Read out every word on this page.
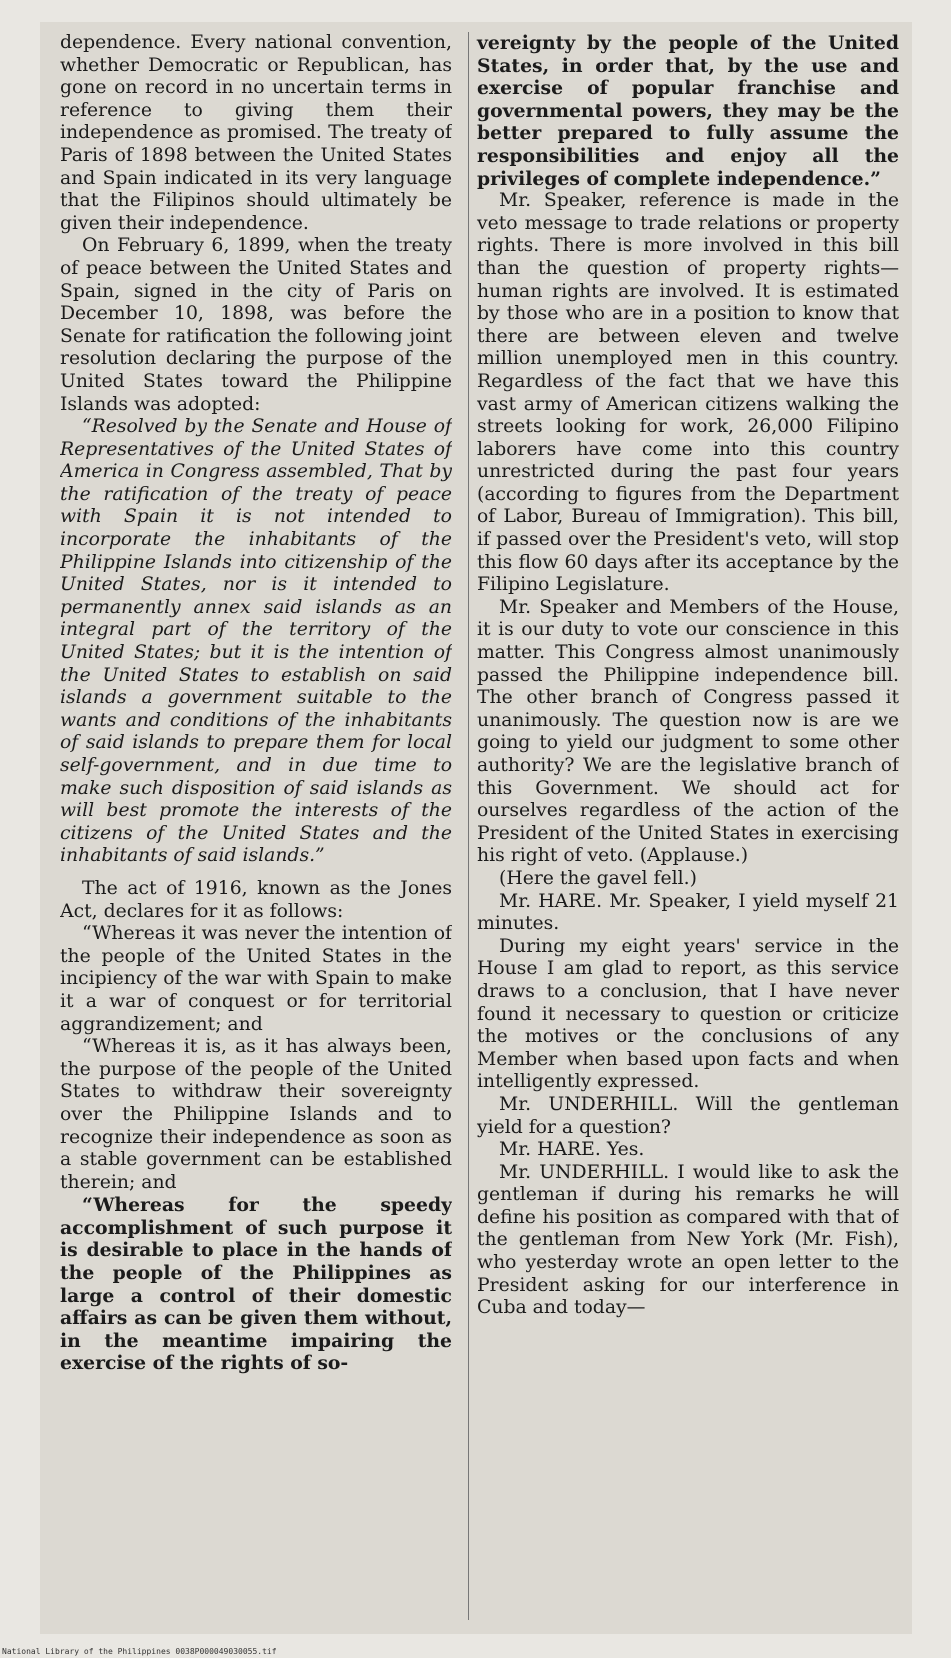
dependence. Every national convention, whether Democratic or Republican, has gone on record in no uncertain terms in reference to giving them their independence as promised. The treaty of Paris of 1898 between the United States and Spain indicated in its very language that the Filipinos should ultimately be given their independence.

On February 6, 1899, when the treaty of peace between the United States and Spain, signed in the city of Paris on December 10, 1898, was before the Senate for ratification the following joint resolution declaring the purpose of the United States toward the Philippine Islands was adopted:

“Resolved by the Senate and House of Representatives of the United States of America in Congress assembled, That by the ratification of the treaty of peace with Spain it is not intended to incorporate the inhabitants of the Philippine Islands into citizenship of the United States, nor is it intended to permanently annex said islands as an integral part of the territory of the United States; but it is the intention of the United States to establish on said islands a government suitable to the wants and conditions of the inhabitants of said islands to prepare them for local self-government, and in due time to make such disposition of said islands as will best promote the interests of the citizens of the United States and the inhabitants of said islands.”

The act of 1916, known as the Jones Act, declares for it as follows:

“Whereas it was never the intention of the people of the United States in the incipiency of the war with Spain to make it a war of conquest or for territorial aggrandizement; and

“Whereas it is, as it has always been, the purpose of the people of the United States to withdraw their sovereignty over the Philippine Islands and to recognize their independence as soon as a stable government can be established therein; and

“Whereas for the speedy accomplishment of such purpose it is desirable to place in the hands of the people of the Philippines as large a control of their domestic affairs as can be given them without, in the meantime impairing the exercise of the rights of so-

vereignty by the people of the United States, in order that, by the use and exercise of popular franchise and governmental powers, they may be the better prepared to fully assume the responsibilities and enjoy all the privileges of complete independence.”

Mr. Speaker, reference is made in the veto message to trade relations or property rights. There is more involved in this bill than the question of property rights—human rights are involved. It is estimated by those who are in a position to know that there are between eleven and twelve million unemployed men in this country. Regardless of the fact that we have this vast army of American citizens walking the streets looking for work, 26,000 Filipino laborers have come into this country unrestricted during the past four years (according to figures from the Department of Labor, Bureau of Immigration). This bill, if passed over the President's veto, will stop this flow 60 days after its acceptance by the Filipino Legislature.

Mr. Speaker and Members of the House, it is our duty to vote our conscience in this matter. This Congress almost unanimously passed the Philippine independence bill. The other branch of Congress passed it unanimously. The question now is are we going to yield our judgment to some other authority? We are the legislative branch of this Government. We should act for ourselves regardless of the action of the President of the United States in exercising his right of veto. (Applause.)

(Here the gavel fell.)

Mr. HARE. Mr. Speaker, I yield myself 21 minutes.

During my eight years' service in the House I am glad to report, as this service draws to a conclusion, that I have never found it necessary to question or criticize the motives or the conclusions of any Member when based upon facts and when intelligently expressed.

Mr. UNDERHILL. Will the gentleman yield for a question?

Mr. HARE. Yes.

Mr. UNDERHILL. I would like to ask the gentleman if during his remarks he will define his position as compared with that of the gentleman from New York (Mr. Fish), who yesterday wrote an open letter to the President asking for our interference in Cuba and today—

National Library of the Philippines 0038P000049030055.tif
